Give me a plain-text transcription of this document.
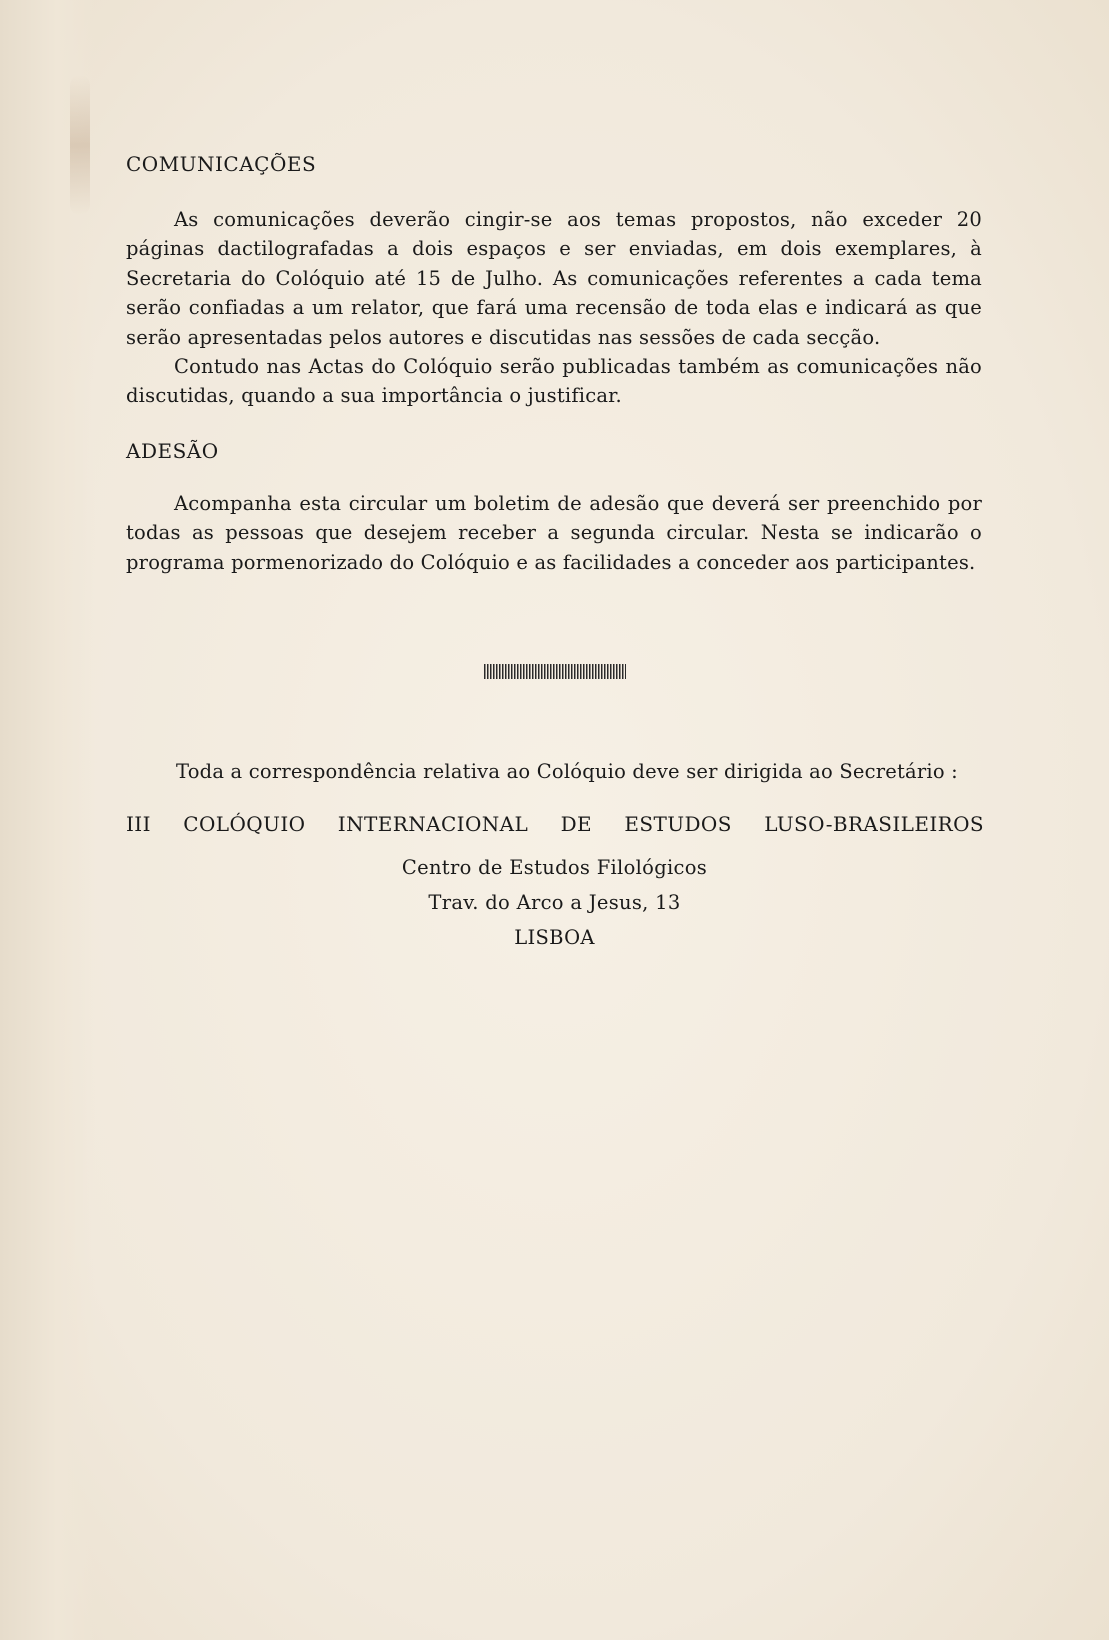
COMUNICAÇÕES

As comunicações deverão cingir-se aos temas propostos, não exceder 20 páginas dactilografadas a dois espaços e ser enviadas, em dois exemplares, à Secretaria do Colóquio até 15 de Julho. As comunicações referentes a cada tema serão confiadas a um relator, que fará uma recensão de toda elas e indicará as que serão apresentadas pelos autores e discutidas nas sessões de cada secção.

Contudo nas Actas do Colóquio serão publicadas também as comunicações não discutidas, quando a sua importância o justificar.

ADESÃO

Acompanha esta circular um boletim de adesão que deverá ser preenchido por todas as pessoas que desejem receber a segunda circular. Nesta se indicarão o programa pormenorizado do Colóquio e as facilidades a conceder aos participantes.

Toda a correspondência relativa ao Colóquio deve ser dirigida ao Secretário :

III COLÓQUIO INTERNACIONAL DE ESTUDOS LUSO-BRASILEIROS

Centro de Estudos Filológicos

Trav. do Arco a Jesus, 13

LISBOA
